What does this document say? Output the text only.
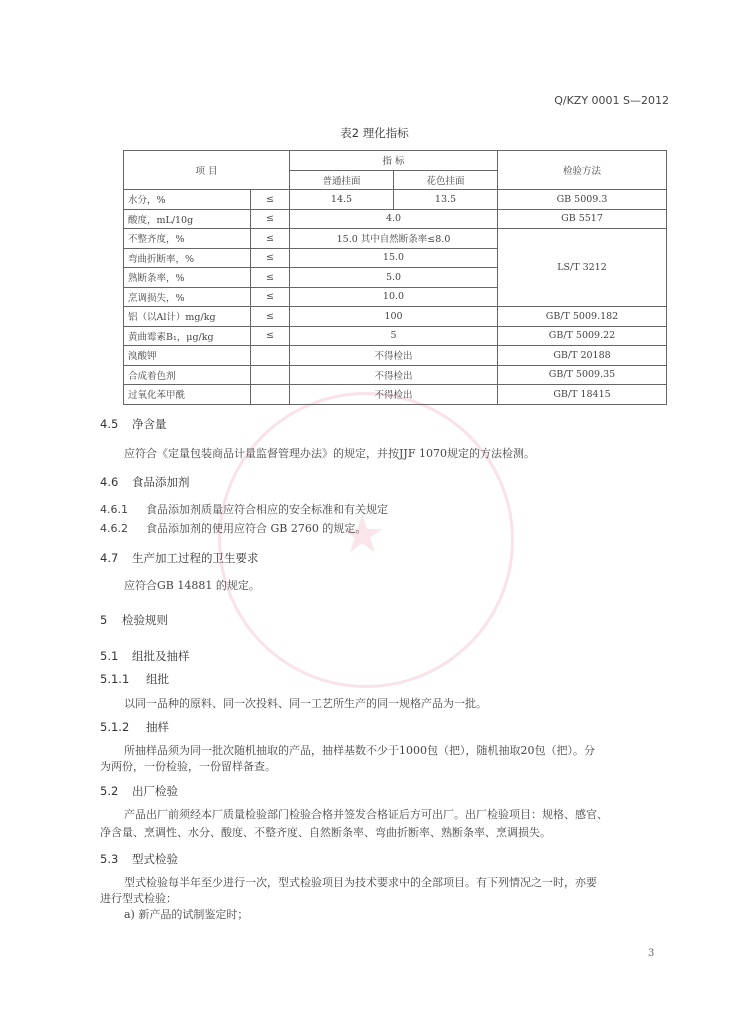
★
Q/KZY 0001 S—2012
表2 理化指标
项 目		指 标		检验方法
		普通挂面	花色挂面	
水分，%	≤	14.5	13.5	GB 5009.3
酸度，mL/10g	≤	4.0		GB 5517
不整齐度，%	≤	15.0 其中自然断条率≤8.0		LS/T 3212
弯曲折断率，%	≤	15.0		
熟断条率，%	≤	5.0		
烹调损失，%	≤	10.0		
铝（以Al计）mg/kg	≤	100		GB/T 5009.182
黄曲霉素B₁，μg/kg	≤	5		GB/T 5009.22
溴酸钾		不得检出		GB/T 20188
合成着色剂		不得检出		GB/T 5009.35
过氧化苯甲酰		不得检出		GB/T 18415
4.5 净含量
应符合《定量包装商品计量监督管理办法》的规定，并按JJF 1070规定的方法检测。
4.6 食品添加剂
4.6.1 食品添加剂质量应符合相应的安全标准和有关规定
4.6.2 食品添加剂的使用应符合 GB 2760 的规定。
4.7 生产加工过程的卫生要求
应符合GB 14881 的规定。
5 检验规则
5.1 组批及抽样
5.1.1 组批
以同一品种的原料、同一次投料、同一工艺所生产的同一规格产品为一批。
5.1.2 抽样
所抽样品须为同一批次随机抽取的产品，抽样基数不少于1000包（把），随机抽取20包（把）。分
为两份，一份检验，一份留样备查。
5.2 出厂检验
产品出厂前须经本厂质量检验部门检验合格并签发合格证后方可出厂。出厂检验项目：规格、感官、
净含量、烹调性、水分、酸度、不整齐度、自然断条率、弯曲折断率、熟断条率、烹调损失。
5.3 型式检验
型式检验每半年至少进行一次，型式检验项目为技术要求中的全部项目。有下列情况之一时，亦要
进行型式检验：
a) 新产品的试制鉴定时；
3
